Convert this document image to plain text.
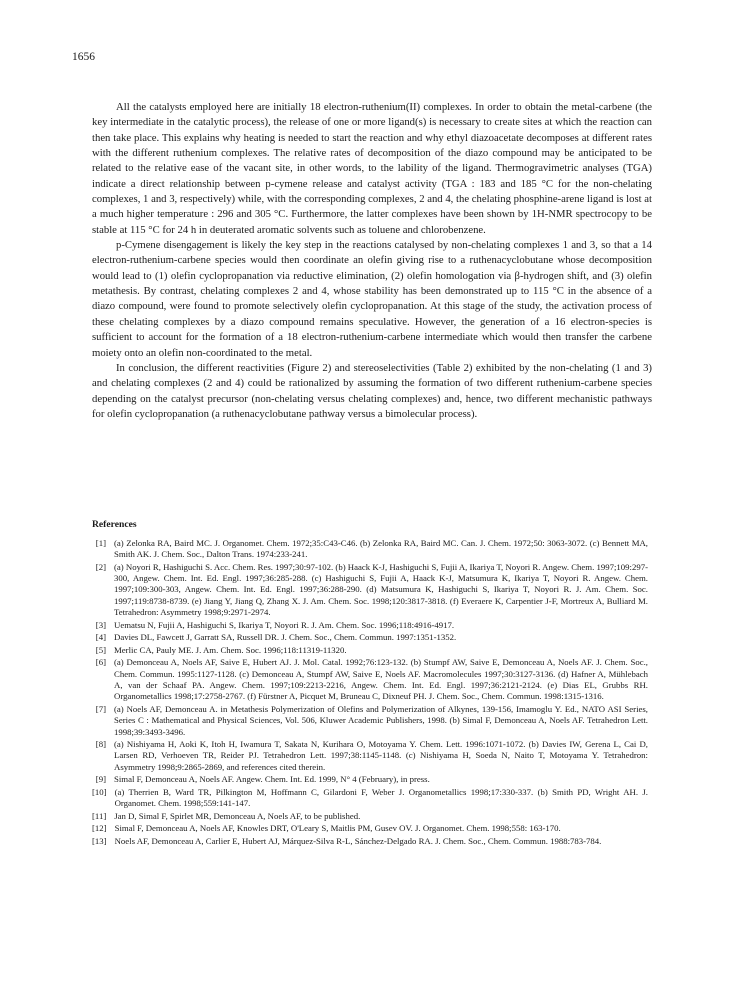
1656

All the catalysts employed here are initially 18 electron-ruthenium(II) complexes. In order to obtain the metal-carbene (the key intermediate in the catalytic process), the release of one or more ligand(s) is necessary to create sites at which the reaction can then take place. This explains why heating is needed to start the reaction and why ethyl diazoacetate decomposes at different rates with the different ruthenium complexes. The relative rates of decomposition of the diazo compound may be anticipated to be related to the relative ease of the vacant site, in other words, to the lability of the ligand. Thermogravimetric analyses (TGA) indicate a direct relationship between p-cymene release and catalyst activity (TGA : 183 and 185 °C for the non-chelating complexes, 1 and 3, respectively) while, with the corresponding complexes, 2 and 4, the chelating phosphine-arene ligand is lost at a much higher temperature : 296 and 305 °C. Furthermore, the latter complexes have been shown by 1H-NMR spectrocopy to be stable at 115 °C for 24 h in deuterated aromatic solvents such as toluene and chlorobenzene.

p-Cymene disengagement is likely the key step in the reactions catalysed by non-chelating complexes 1 and 3, so that a 14 electron-ruthenium-carbene species would then coordinate an olefin giving rise to a ruthenacyclobutane whose decomposition would lead to (1) olefin cyclopropanation via reductive elimination, (2) olefin homologation via β-hydrogen shift, and (3) olefin metathesis. By contrast, chelating complexes 2 and 4, whose stability has been demonstrated up to 115 °C in the absence of a diazo compound, were found to promote selectively olefin cyclopropanation. At this stage of the study, the activation process of these chelating complexes by a diazo compound remains speculative. However, the generation of a 16 electron-species is sufficient to account for the formation of a 18 electron-ruthenium-carbene intermediate which would then transfer the carbene moiety onto an olefin non-coordinated to the metal.

In conclusion, the different reactivities (Figure 2) and stereoselectivities (Table 2) exhibited by the non-chelating (1 and 3) and chelating complexes (2 and 4) could be rationalized by assuming the formation of two different ruthenium-carbene species depending on the catalyst precursor (non-chelating versus chelating complexes) and, hence, two different mechanistic pathways for olefin cyclopropanation (a ruthenacyclobutane pathway versus a bimolecular process).

References
[1] (a) Zelonka RA, Baird MC. J. Organomet. Chem. 1972;35:C43-C46. (b) Zelonka RA, Baird MC. Can. J. Chem. 1972;50: 3063-3072. (c) Bennett MA, Smith AK. J. Chem. Soc., Dalton Trans. 1974:233-241.
[2] (a) Noyori R, Hashiguchi S. Acc. Chem. Res. 1997;30:97-102. (b) Haack K-J, Hashiguchi S, Fujii A, Ikariya T, Noyori R. Angew. Chem. 1997;109:297-300, Angew. Chem. Int. Ed. Engl. 1997;36:285-288. (c) Hashiguchi S, Fujii A, Haack K-J, Matsumura K, Ikariya T, Noyori R. Angew. Chem. 1997;109:300-303, Angew. Chem. Int. Ed. Engl. 1997;36:288-290. (d) Matsumura K, Hashiguchi S, Ikariya T, Noyori R. J. Am. Chem. Soc. 1997;119:8738-8739. (e) Jiang Y, Jiang Q, Zhang X. J. Am. Chem. Soc. 1998;120:3817-3818. (f) Everaere K, Carpentier J-F, Mortreux A, Bulliard M. Tetrahedron: Asymmetry 1998;9:2971-2974.
[3] Uematsu N, Fujii A, Hashiguchi S, Ikariya T, Noyori R. J. Am. Chem. Soc. 1996;118:4916-4917.
[4] Davies DL, Fawcett J, Garratt SA, Russell DR. J. Chem. Soc., Chem. Commun. 1997:1351-1352.
[5] Merlic CA, Pauly ME. J. Am. Chem. Soc. 1996;118:11319-11320.
[6] (a) Demonceau A, Noels AF, Saive E, Hubert AJ. J. Mol. Catal. 1992;76:123-132. (b) Stumpf AW, Saive E, Demonceau A, Noels AF. J. Chem. Soc., Chem. Commun. 1995:1127-1128. (c) Demonceau A, Stumpf AW, Saive E, Noels AF. Macromolecules 1997;30:3127-3136. (d) Hafner A, Mühlebach A, van der Schaaf PA. Angew. Chem. 1997;109:2213-2216, Angew. Chem. Int. Ed. Engl. 1997;36:2121-2124. (e) Dias EL, Grubbs RH. Organometallics 1998;17:2758-2767. (f) Fürstner A, Picquet M, Bruneau C, Dixneuf PH. J. Chem. Soc., Chem. Commun. 1998:1315-1316.
[7] (a) Noels AF, Demonceau A. in Metathesis Polymerization of Olefins and Polymerization of Alkynes, 139-156, Imamoglu Y. Ed., NATO ASI Series, Series C : Mathematical and Physical Sciences, Vol. 506, Kluwer Academic Publishers, 1998. (b) Simal F, Demonceau A, Noels AF. Tetrahedron Lett. 1998;39:3493-3496.
[8] (a) Nishiyama H, Aoki K, Itoh H, Iwamura T, Sakata N, Kurihara O, Motoyama Y. Chem. Lett. 1996:1071-1072. (b) Davies IW, Gerena L, Cai D, Larsen RD, Verhoeven TR, Reider PJ. Tetrahedron Lett. 1997;38:1145-1148. (c) Nishiyama H, Soeda N, Naito T, Motoyama Y. Tetrahedron: Asymmetry 1998;9:2865-2869, and references cited therein.
[9] Simal F, Demonceau A, Noels AF. Angew. Chem. Int. Ed. 1999, N° 4 (February), in press.
[10] (a) Therrien B, Ward TR, Pilkington M, Hoffmann C, Gilardoni F, Weber J. Organometallics 1998;17:330-337. (b) Smith PD, Wright AH. J. Organomet. Chem. 1998;559:141-147.
[11] Jan D, Simal F, Spirlet MR, Demonceau A, Noels AF, to be published.
[12] Simal F, Demonceau A, Noels AF, Knowles DRT, O'Leary S, Maitlis PM, Gusev OV. J. Organomet. Chem. 1998;558: 163-170.
[13] Noels AF, Demonceau A, Carlier E, Hubert AJ, Márquez-Silva R-L, Sánchez-Delgado RA. J. Chem. Soc., Chem. Commun. 1988:783-784.
